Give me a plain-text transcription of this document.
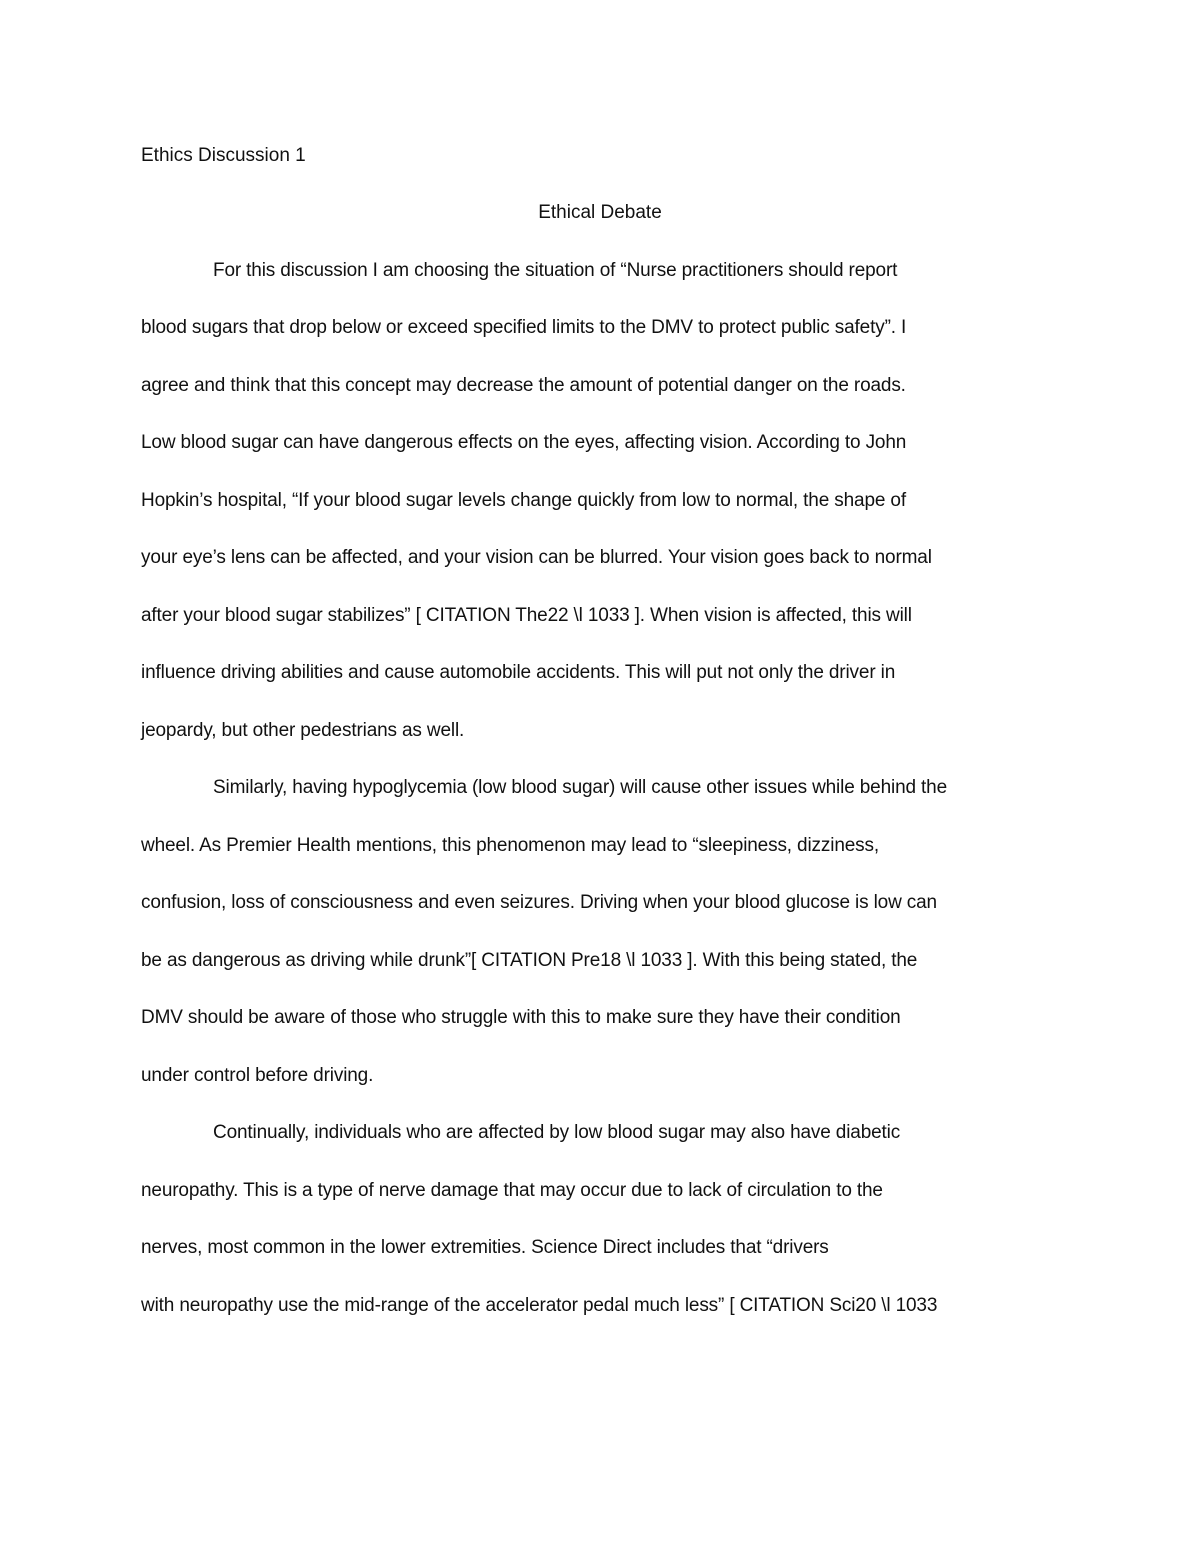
Ethics Discussion 1
Ethical Debate
For this discussion I am choosing the situation of “Nurse practitioners should report
blood sugars that drop below or exceed specified limits to the DMV to protect public safety”. I
agree and think that this concept may decrease the amount of potential danger on the roads.
Low blood sugar can have dangerous effects on the eyes, affecting vision. According to John
Hopkin’s hospital, “If your blood sugar levels change quickly from low to normal, the shape of
your eye’s lens can be affected, and your vision can be blurred. Your vision goes back to normal
after your blood sugar stabilizes” [ CITATION The22 \l 1033 ]. When vision is affected, this will
influence driving abilities and cause automobile accidents. This will put not only the driver in
jeopardy, but other pedestrians as well.
Similarly, having hypoglycemia (low blood sugar) will cause other issues while behind the
wheel. As Premier Health mentions, this phenomenon may lead to “sleepiness, dizziness,
confusion, loss of consciousness and even seizures. Driving when your blood glucose is low can
be as dangerous as driving while drunk”[ CITATION Pre18 \l 1033 ]. With this being stated, the
DMV should be aware of those who struggle with this to make sure they have their condition
under control before driving.
Continually, individuals who are affected by low blood sugar may also have diabetic
neuropathy. This is a type of nerve damage that may occur due to lack of circulation to the
nerves, most common in the lower extremities. Science Direct includes that “drivers
with neuropathy use the mid-range of the accelerator pedal much less” [ CITATION Sci20 \l 1033
